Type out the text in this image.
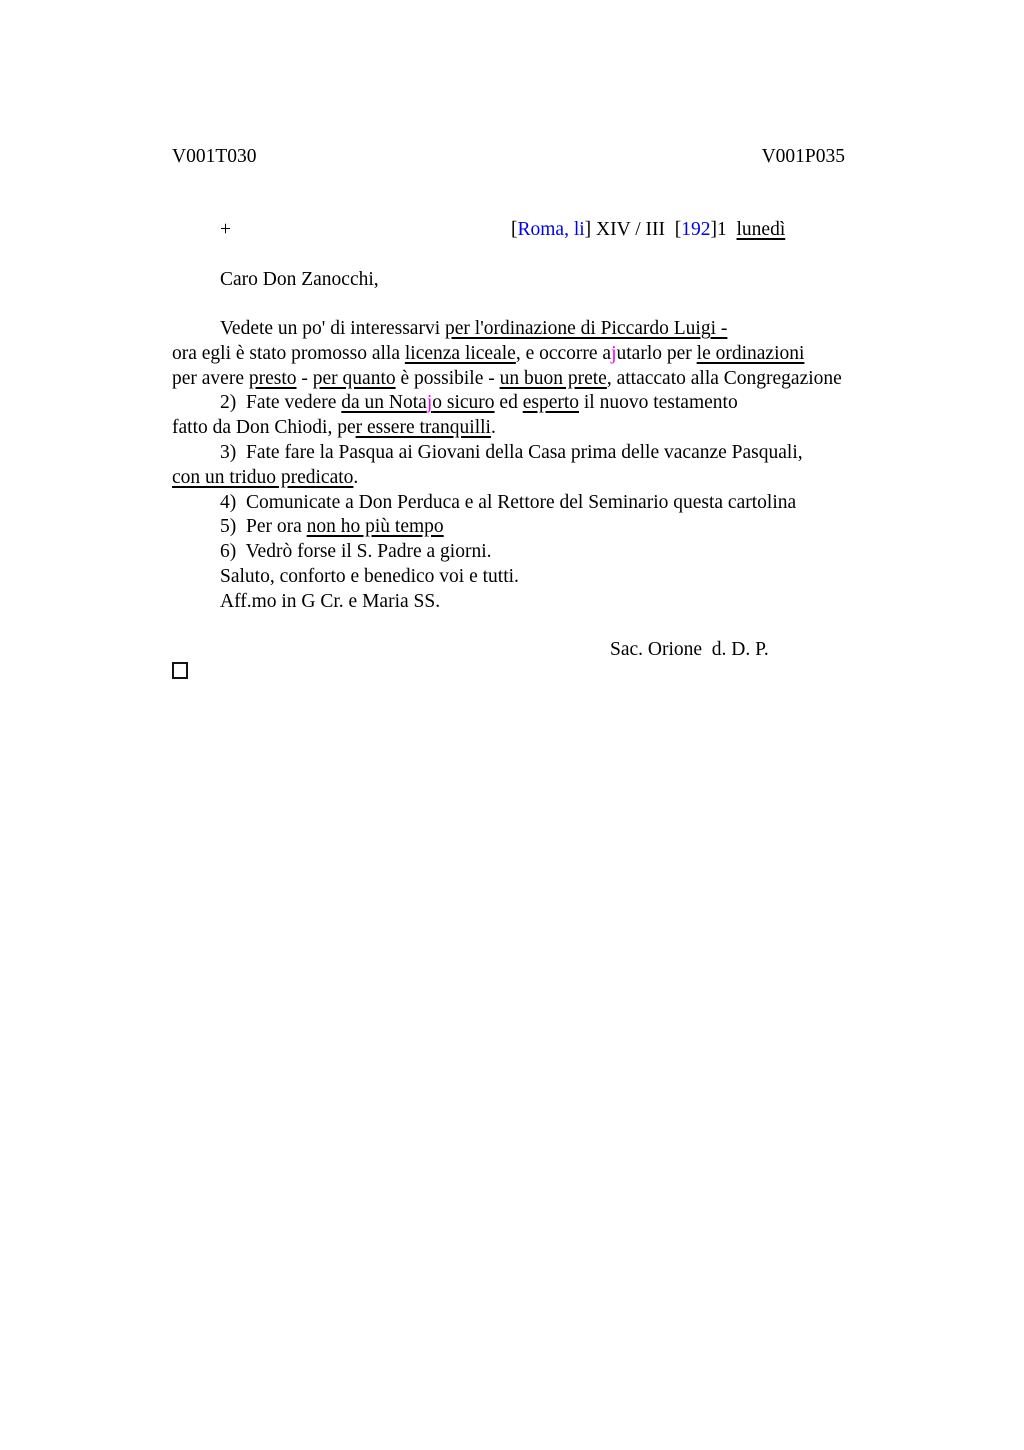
V001T030	V001P035
+	[Roma, li] XIV / III  [192]1  lunedì
Caro Don Zanocchi,
Vedete un po' di interessarvi per l'ordinazione di Piccardo Luigi -
ora egli è stato promosso alla licenza liceale, e occorre ajutarlo per le ordinazioni
per avere presto - per quanto è possibile - un buon prete, attaccato alla Congregazione
2)  Fate vedere da un Notajo sicuro ed esperto il nuovo testamento
fatto da Don Chiodi, per essere tranquilli.
3)  Fate fare la Pasqua ai Giovani della Casa prima delle vacanze Pasquali,
con un triduo predicato.
4)  Comunicate a Don Perduca e al Rettore del Seminario questa cartolina
5)  Per ora non ho più tempo
6)  Vedrò forse il S. Padre a giorni.
Saluto, conforto e benedico voi e tutti.
Aff.mo in G Cr. e Maria SS.
Sac. Orione  d. D. P.
